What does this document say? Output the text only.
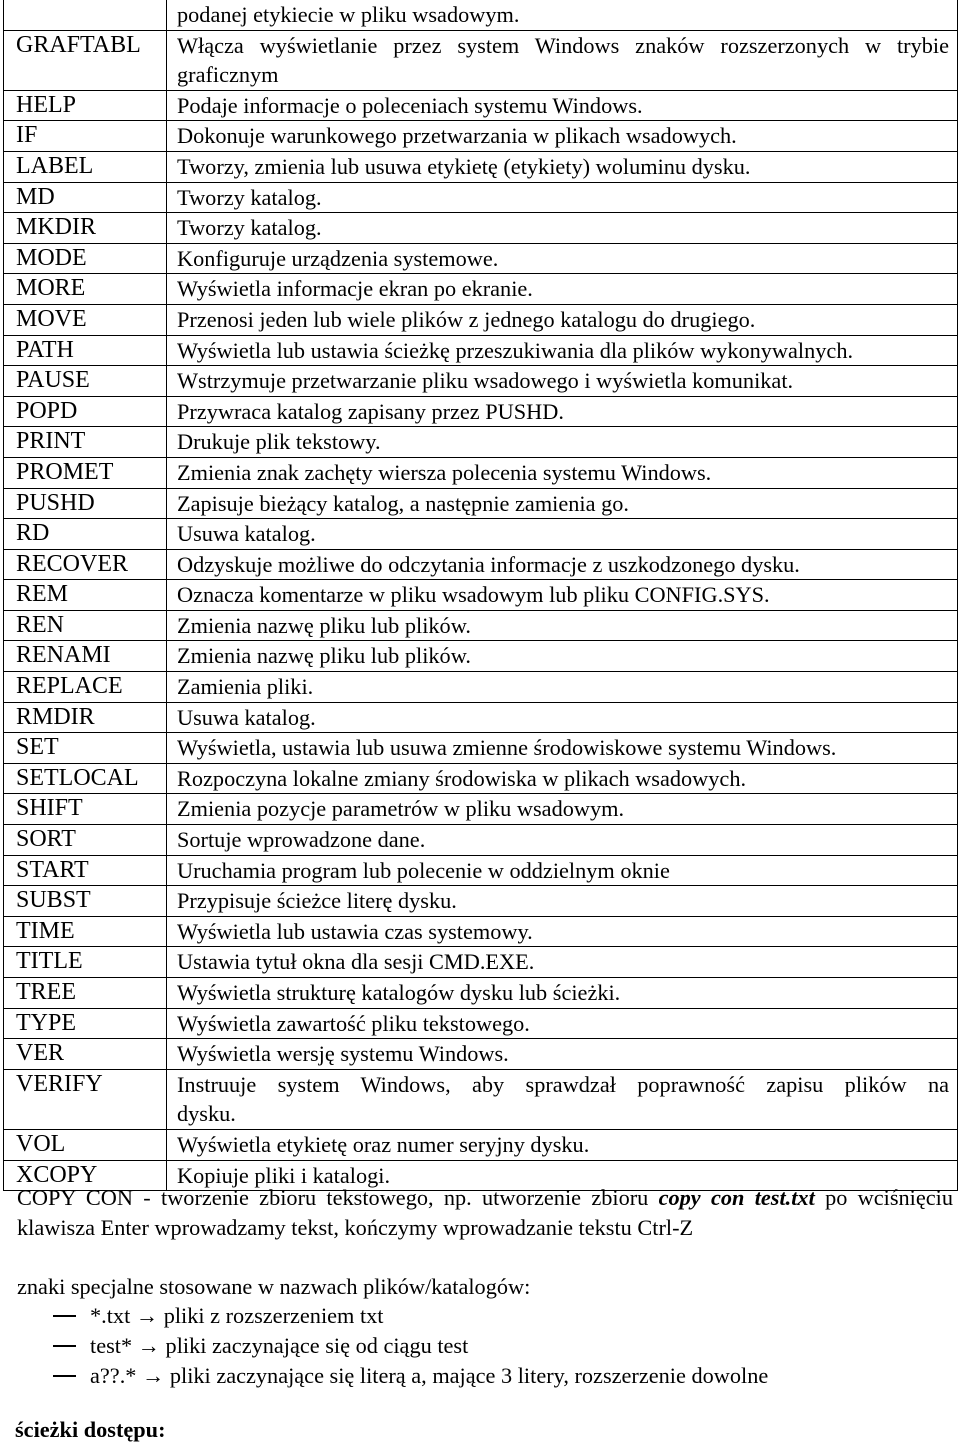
	podanej etykiecie w pliku wsadowym.
GRAFTABL	Włącza wyświetlanie przez system Windows znaków rozszerzonych w trybie
graficznym

HELP	Podaje informacje o poleceniach systemu Windows.

IF	Dokonuje warunkowego przetwarzania w plikach wsadowych.

LABEL	Tworzy, zmienia lub usuwa etykietę (etykiety) woluminu dysku.

MD	Tworzy katalog.

MKDIR	Tworzy katalog.

MODE	Konfiguruje urządzenia systemowe.

MORE	Wyświetla informacje ekran po ekranie.

MOVE	Przenosi jeden lub wiele plików z jednego katalogu do drugiego.

PATH	Wyświetla lub ustawia ścieżkę przeszukiwania dla plików wykonywalnych.

PAUSE	Wstrzymuje przetwarzanie pliku wsadowego i wyświetla komunikat.

POPD	Przywraca katalog zapisany przez PUSHD.

PRINT	Drukuje plik tekstowy.

PROMET	Zmienia znak zachęty wiersza polecenia systemu Windows.

PUSHD	Zapisuje bieżący katalog, a następnie zamienia go.

RD	Usuwa katalog.

RECOVER	Odzyskuje możliwe do odczytania informacje z uszkodzonego dysku.

REM	Oznacza komentarze w pliku wsadowym lub pliku CONFIG.SYS.

REN	Zmienia nazwę pliku lub plików.

RENAMI	Zmienia nazwę pliku lub plików.

REPLACE	Zamienia pliki.

RMDIR	Usuwa katalog.

SET	Wyświetla, ustawia lub usuwa zmienne środowiskowe systemu Windows.

SETLOCAL	Rozpoczyna lokalne zmiany środowiska w plikach wsadowych.

SHIFT	Zmienia pozycje parametrów w pliku wsadowym.

SORT	Sortuje wprowadzone dane.

START	Uruchamia program lub polecenie w oddzielnym oknie

SUBST	Przypisuje ścieżce literę dysku.

TIME	Wyświetla lub ustawia czas systemowy.

TITLE	Ustawia tytuł okna dla sesji CMD.EXE.

TREE	Wyświetla strukturę katalogów dysku lub ścieżki.

TYPE	Wyświetla zawartość pliku tekstowego.

VER	Wyświetla wersję systemu Windows.

VERIFY	Instruuje system Windows, aby sprawdzał poprawność zapisu plików na
dysku.

VOL	Wyświetla etykietę oraz numer seryjny dysku.

XCOPY	Kopiuje pliki i katalogi.
COPY CON - tworzenie zbioru tekstowego, np. utworzenie zbioru copy con test.txt po wciśnięciu klawisza Enter wprowadzamy tekst, kończymy wprowadzanie tekstu Ctrl-Z
znaki specjalne stosowane w nazwach plików/katalogów:
*.txt → pliki z rozszerzeniem txt
test* → pliki zaczynające się od ciągu test
a??.* → pliki zaczynające się literą a, mające 3 litery, rozszerzenie dowolne
ścieżki dostępu:
